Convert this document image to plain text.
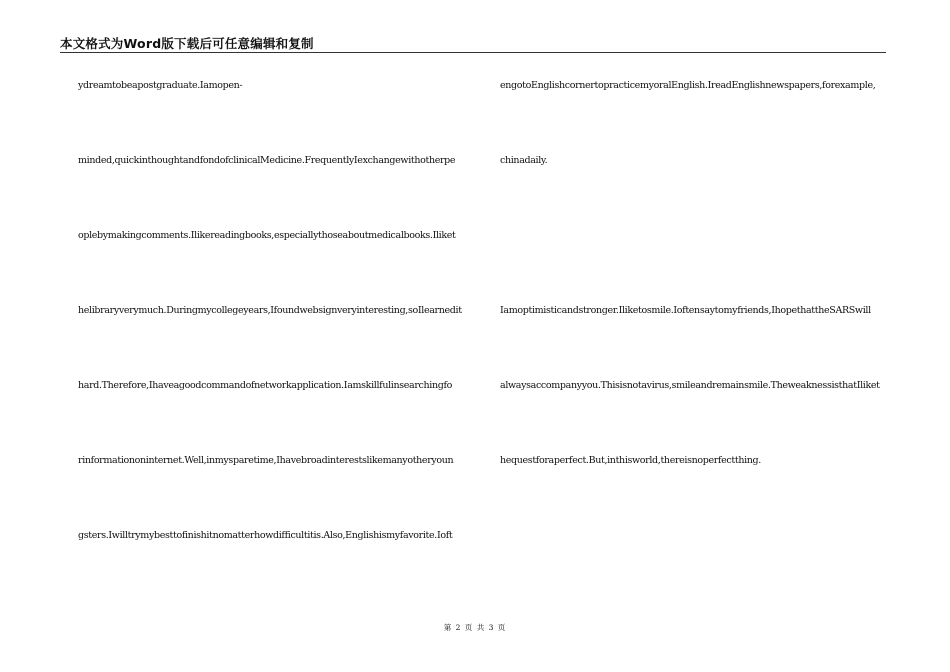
本文格式为Word版下载后可任意编辑和复制
ydreamtobeapostgraduate.Iamopen-
minded,quickinthoughtandfondofclinicalMedicine.FrequentlyIexchangewithotherpe
oplebymakingcomments.Ilikereadingbooks,especiallythoseaboutmedicalbooks.Iliket
helibraryverymuch.Duringmycollegeyears,Ifoundwebsignveryinteresting,soIlearnedit
hard.Therefore,Ihaveagoodcommandofnetworkapplication.Iamskillfulinsearchingfo
rinformationoninternet.Well,inmysparetime,Ihavebroadinterestslikemanyotheryoun
gsters.Iwilltrymybesttofinishitnomatterhowdifficultitis.Also,Englishismyfavorite.Ioft
engotoEnglishcornertopracticemyoralEnglish.IreadEnglishnewspapers,forexample,
chinadaily.
Iamoptimisticandstronger.Iliketosmile.Ioftensaytomyfriends,IhopethattheSARSwill
alwaysaccompanyyou.Thisisnotavirus,smileandremainsmile.TheweaknessisthatIliket
hequestforaperfect.But,inthisworld,thereisnoperfectthing.
第 2 页 共 3 页
